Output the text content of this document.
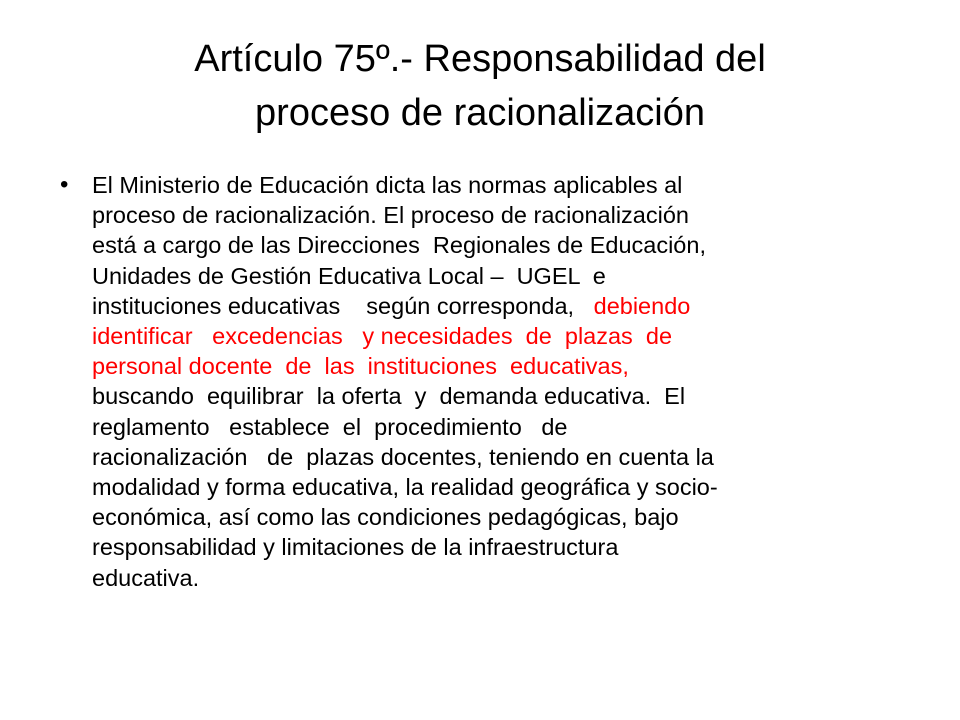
Artículo 75º.- Responsabilidad del
proceso de racionalización
• El Ministerio de Educación dicta las normas aplicables al
proceso de racionalización. El proceso de racionalización
está a cargo de las Direcciones  Regionales de Educación,
Unidades de Gestión Educativa Local –  UGEL  e
instituciones educativas    según corresponda,   debiendo
identificar   excedencias   y necesidades  de  plazas  de
personal docente  de  las  instituciones  educativas,
buscando  equilibrar  la oferta  y  demanda educativa.  El
reglamento   establece  el  procedimiento   de
racionalización   de  plazas docentes, teniendo en cuenta la
modalidad y forma educativa, la realidad geográfica y socio-
económica, así como las condiciones pedagógicas, bajo
responsabilidad y limitaciones de la infraestructura
educativa.
